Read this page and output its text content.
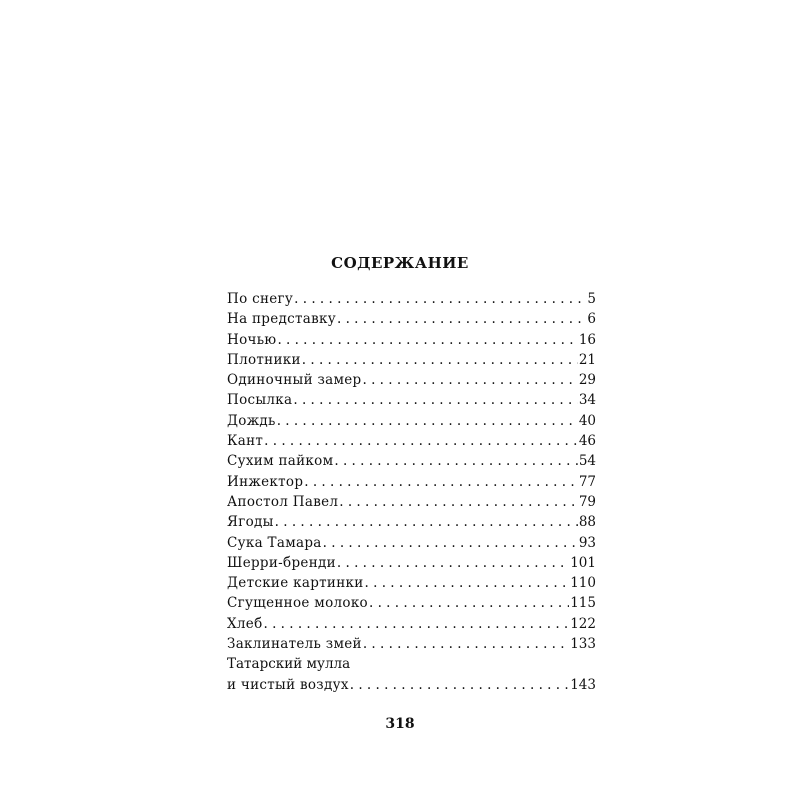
СОДЕРЖАНИЕ
По снегу . . .	5
На представку . . .	6
Ночью . . .	16
Плотники . . .	21
Одиночный замер . . .	29
Посылка . . .	34
Дождь . . .	40
Кант . . .	46
Сухим пайком . . .	54
Инжектор . . .	77
Апостол Павел . . .	79
Ягоды . . .	88
Сука Тамара . . .	93
Шерри-бренди . . .	101
Детские картинки . . .	110
Сгущенное молоко . . .	115
Хлеб . . .	122
Заклинатель змей . . .	133
Татарский мулла
и чистый воздух . . .	143
318
